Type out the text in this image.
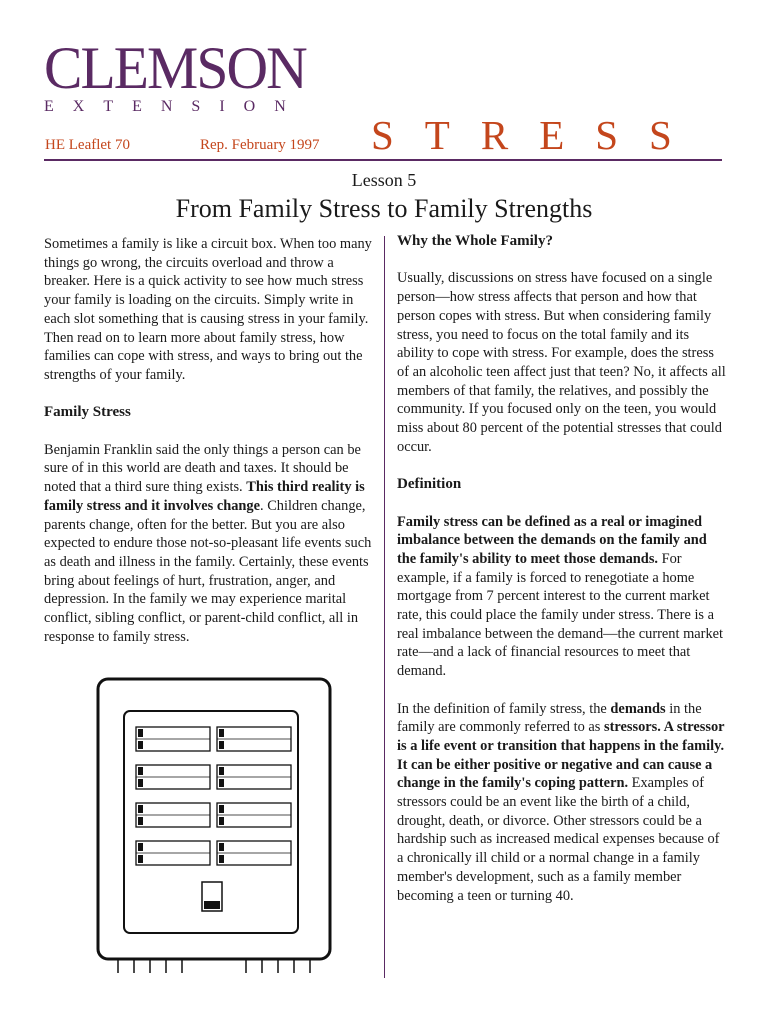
CLEMSON
EXTENSION
HE Leaflet 70	Rep. February 1997 STRESS
Lesson 5
From Family Stress to Family Strengths

Sometimes a family is like a circuit box. When too many things go wrong, the circuits overload and throw a breaker. Here is a quick activity to see how much stress your family is loading on the circuits. Simply write in each slot something that is causing stress in your family. Then read on to learn more about family stress, how families can cope with stress, and ways to bring out the strengths of your family.

Family Stress

Benjamin Franklin said the only things a person can be sure of in this world are death and taxes. It should be noted that a third sure thing exists. This third reality is family stress and it involves change. Children change, parents change, often for the better. But you are also expected to endure those not-so-pleasant life events such as death and illness in the family. Certainly, these events bring about feelings of hurt, frustration, anger, and depression. In the family we may experience marital conflict, sibling conflict, or parent-child conflict, all in response to family stress.

Why the Whole Family?

Usually, discussions on stress have focused on a single person—how stress affects that person and how that person copes with stress. But when considering family stress, you need to focus on the total family and its ability to cope with stress. For example, does the stress of an alcoholic teen affect just that teen? No, it affects all members of that family, the relatives, and possibly the community. If you focused only on the teen, you would miss about 80 percent of the potential stresses that could occur.

Definition

Family stress can be defined as a real or imagined imbalance between the demands on the family and the family's ability to meet those demands. For example, if a family is forced to renegotiate a home mortgage from 7 percent interest to the current market rate, this could place the family under stress. There is a real imbalance between the demand—the current market rate—and a lack of financial resources to meet that demand.

In the definition of family stress, the demands in the family are commonly referred to as stressors. A stressor is a life event or transition that happens in the family. It can be either positive or negative and can cause a change in the family's coping pattern. Examples of stressors could be an event like the birth of a child, drought, death, or divorce. Other stressors could be a hardship such as increased medical expenses because of a chronically ill child or a normal change in a family member's development, such as a family member becoming a teen or turning 40.
